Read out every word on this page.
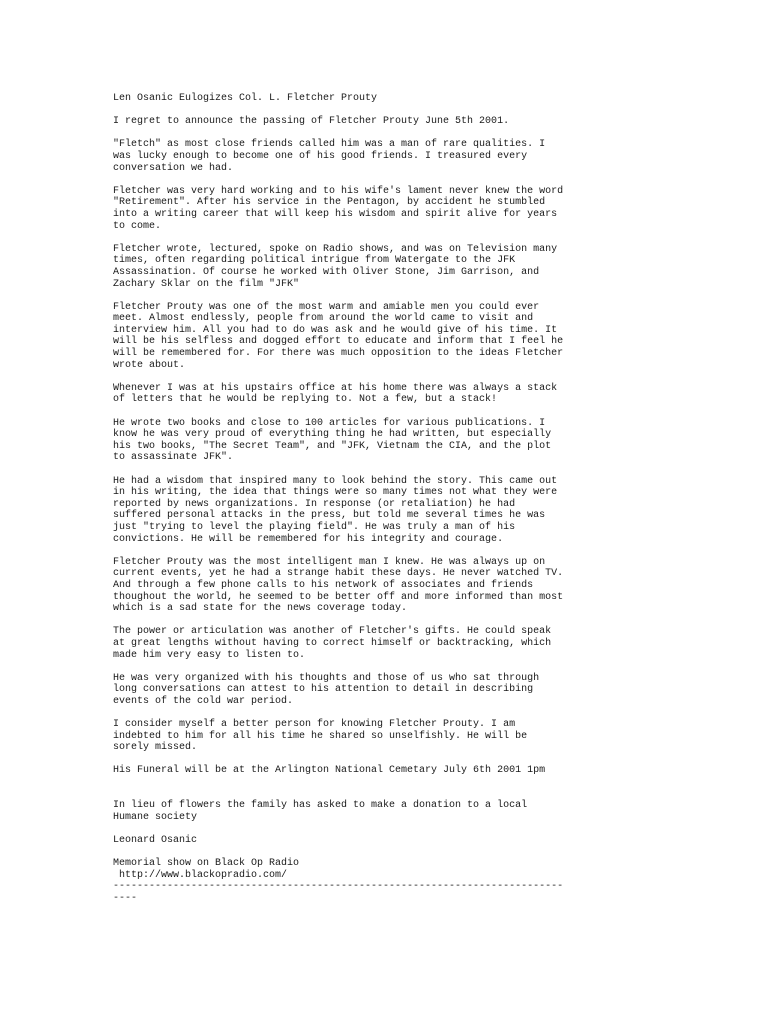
Len Osanic Eulogizes Col. L. Fletcher Prouty

I regret to announce the passing of Fletcher Prouty June 5th 2001.

"Fletch" as most close friends called him was a man of rare qualities. I
was lucky enough to become one of his good friends. I treasured every
conversation we had.

Fletcher was very hard working and to his wife's lament never knew the word
"Retirement". After his service in the Pentagon, by accident he stumbled
into a writing career that will keep his wisdom and spirit alive for years
to come.

Fletcher wrote, lectured, spoke on Radio shows, and was on Television many
times, often regarding political intrigue from Watergate to the JFK
Assassination. Of course he worked with Oliver Stone, Jim Garrison, and
Zachary Sklar on the film "JFK"

Fletcher Prouty was one of the most warm and amiable men you could ever
meet. Almost endlessly, people from around the world came to visit and
interview him. All you had to do was ask and he would give of his time. It
will be his selfless and dogged effort to educate and inform that I feel he
will be remembered for. For there was much opposition to the ideas Fletcher
wrote about.

Whenever I was at his upstairs office at his home there was always a stack
of letters that he would be replying to. Not a few, but a stack!

He wrote two books and close to 100 articles for various publications. I
know he was very proud of everything thing he had written, but especially
his two books, "The Secret Team", and "JFK, Vietnam the CIA, and the plot
to assassinate JFK".

He had a wisdom that inspired many to look behind the story. This came out
in his writing, the idea that things were so many times not what they were
reported by news organizations. In response (or retaliation) he had
suffered personal attacks in the press, but told me several times he was
just "trying to level the playing field". He was truly a man of his
convictions. He will be remembered for his integrity and courage.

Fletcher Prouty was the most intelligent man I knew. He was always up on
current events, yet he had a strange habit these days. He never watched TV.
And through a few phone calls to his network of associates and friends
thoughout the world, he seemed to be better off and more informed than most
which is a sad state for the news coverage today.

The power or articulation was another of Fletcher's gifts. He could speak
at great lengths without having to correct himself or backtracking, which
made him very easy to listen to.

He was very organized with his thoughts and those of us who sat through
long conversations can attest to his attention to detail in describing
events of the cold war period.

I consider myself a better person for knowing Fletcher Prouty. I am
indebted to him for all his time he shared so unselfishly. He will be
sorely missed.

His Funeral will be at the Arlington National Cemetary July 6th 2001 1pm

In lieu of flowers the family has asked to make a donation to a local
Humane society

Leonard Osanic

Memorial show on Black Op Radio

http://www.blackopradio.com/

---------------------------------------------------------------------------

----
